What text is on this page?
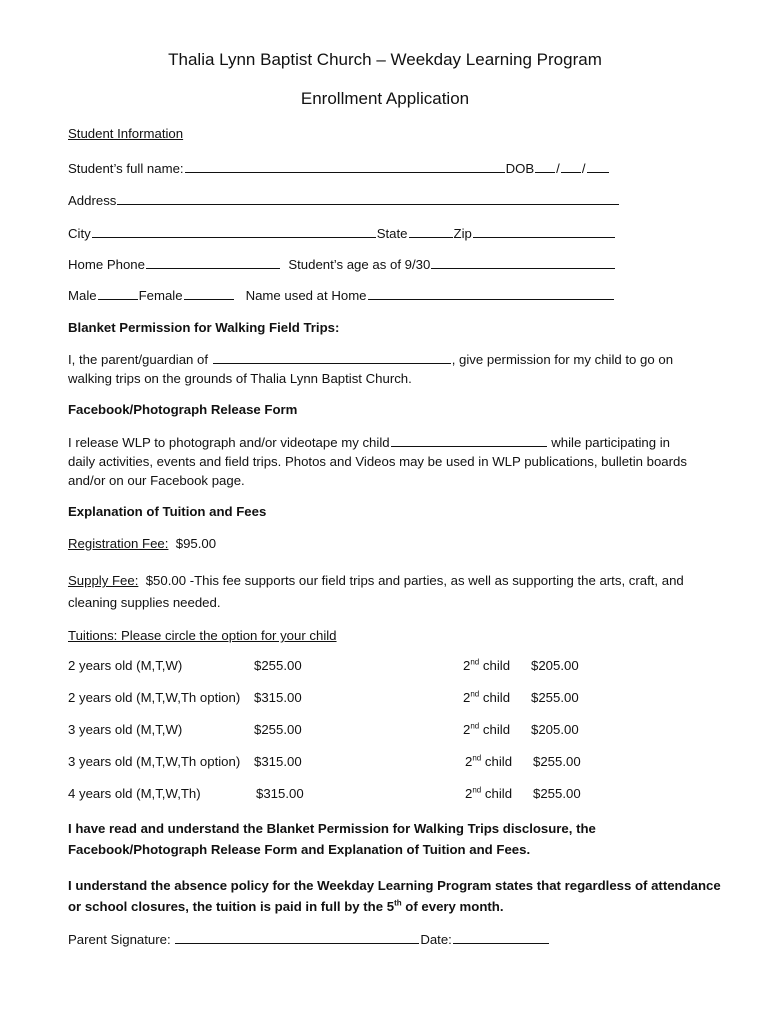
Thalia Lynn Baptist Church – Weekday Learning Program
Enrollment Application
Student Information
Student’s full name:	DOB / /
Address
City	State	Zip
Home Phone	Student’s age as of 9/30
Male	Female	Name used at Home
Blanket Permission for Walking Field Trips:
I, the parent/guardian of	, give permission for my child to go on
walking trips on the grounds of Thalia Lynn Baptist Church.
Facebook/Photograph Release Form
I release WLP to photograph and/or videotape my child	while participating in
daily activities, events and field trips. Photos and Videos may be used in WLP publications, bulletin boards
and/or on our Facebook page.
Explanation of Tuition and Fees
Registration Fee: $95.00
Supply Fee: $50.00 -This fee supports our field trips and parties, as well as supporting the arts, craft, and
cleaning supplies needed.
Tuitions: Please circle the option for your child
2 years old (M,T,W)	$255.00	2nd child $205.00
2 years old (M,T,W,Th option) $315.00	2nd child $255.00
3 years old (M,T,W)	$255.00	2nd child $205.00
3 years old (M,T,W,Th option) $315.00	2nd child $255.00
4 years old (M,T,W,Th)	$315.00	2nd child $255.00
I have read and understand the Blanket Permission for Walking Trips disclosure, the
Facebook/Photograph Release Form and Explanation of Tuition and Fees.
I understand the absence policy for the Weekday Learning Program states that regardless of attendance
or school closures, the tuition is paid in full by the 5th of every month.
Parent Signature:	Date:
